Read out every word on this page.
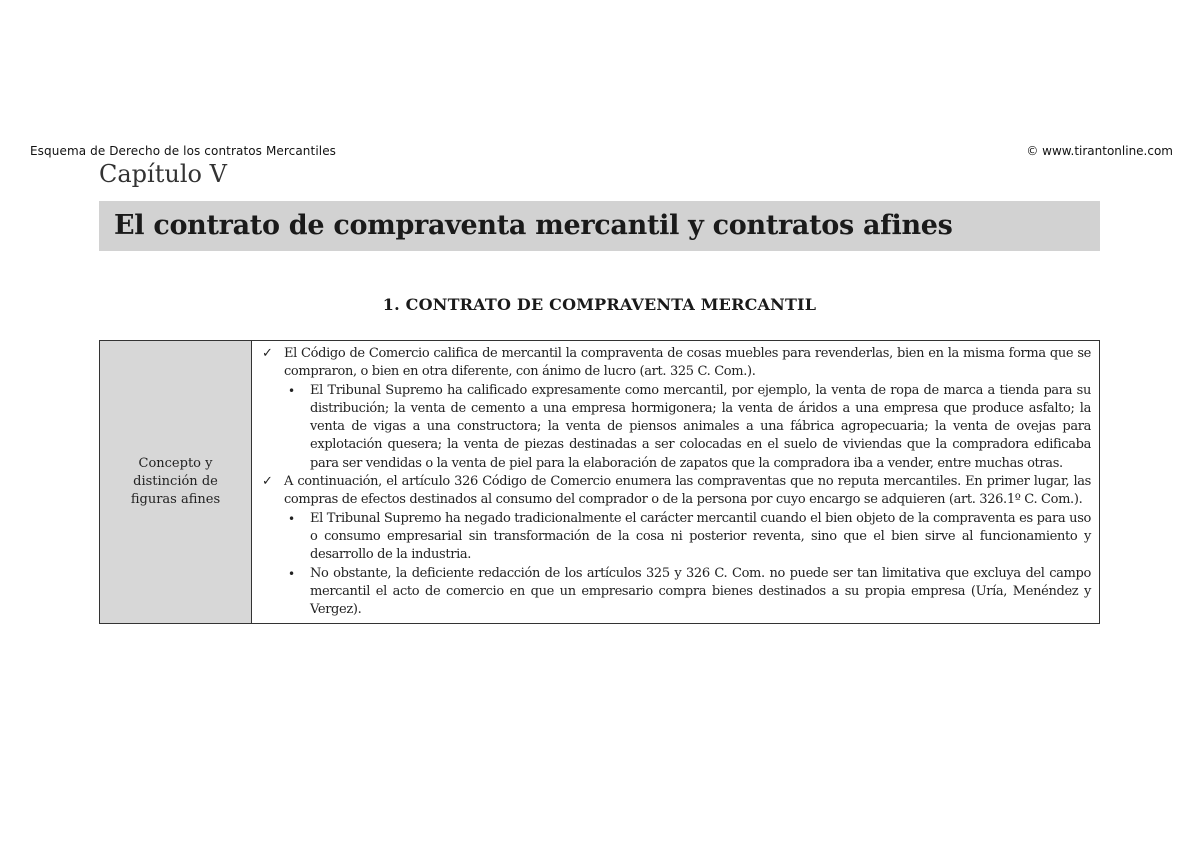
Esquema de Derecho de los contratos Mercantiles	© www.tirantonline.com
Capítulo V
El contrato de compraventa mercantil y contratos afines
1. CONTRATO DE COMPRAVENTA MERCANTIL
Concepto y distinción de figuras afines

✓ El Código de Comercio califica de mercantil la compraventa de cosas muebles para revenderlas, bien en la misma forma que se compraron, o bien en otra diferente, con ánimo de lucro (art. 325 C. Com.).
• El Tribunal Supremo ha calificado expresamente como mercantil, por ejemplo, la venta de ropa de marca a tienda para su distribución; la venta de cemento a una empresa hormigonera; la venta de áridos a una empresa que produce asfalto; la venta de vigas a una constructora; la venta de piensos animales a una fábrica agropecuaria; la venta de ovejas para explotación quesera; la venta de piezas destinadas a ser colocadas en el suelo de viviendas que la compradora edificaba para ser vendidas o la venta de piel para la elaboración de zapatos que la compradora iba a vender, entre muchas otras.
✓ A continuación, el artículo 326 Código de Comercio enumera las compraventas que no reputa mercantiles. En primer lugar, las compras de efectos destinados al consumo del comprador o de la persona por cuyo encargo se adquieren (art. 326.1º C. Com.).
• El Tribunal Supremo ha negado tradicionalmente el carácter mercantil cuando el bien objeto de la compraventa es para uso o consumo empresarial sin transformación de la cosa ni posterior reventa, sino que el bien sirve al funcionamiento y desarrollo de la industria.
• No obstante, la deficiente redacción de los artículos 325 y 326 C. Com. no puede ser tan limitativa que excluya del campo mercantil el acto de comercio en que un empresario compra bienes destinados a su propia empresa (Uría, Menéndez y Vergez).
